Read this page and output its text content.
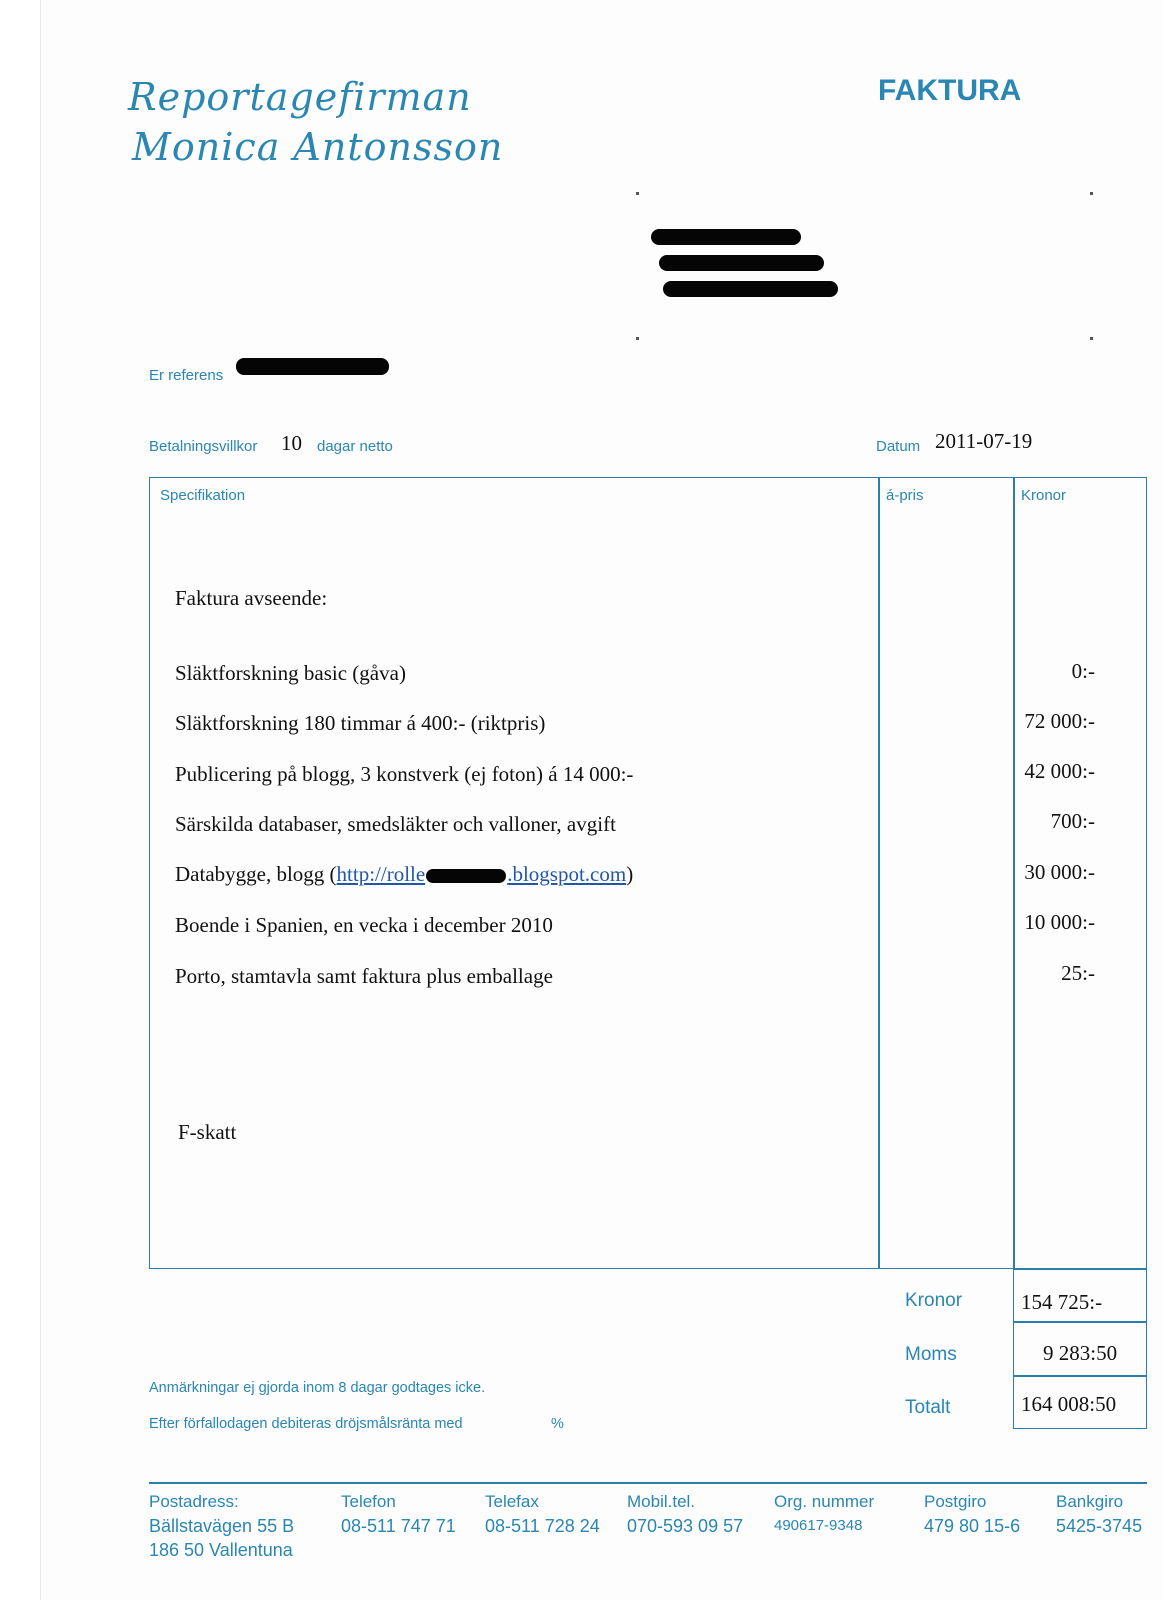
Reportagefirman
Monica Antonsson
FAKTURA
Er referens
Betalningsvillkor 10 dagar netto	Datum 2011-07-19
Specifikation	á-pris	Kronor
Faktura avseende:
Släktforskning basic (gåva)	0:-
Släktforskning 180 timmar á 400:- (riktpris)	72 000:-
Publicering på blogg, 3 konstverk (ej foton) á 14 000:-	42 000:-
Särskilda databaser, smedsläkter och valloner, avgift	700:-
Databygge, blogg (http://rolle	.blogspot.com)	30 000:-
Boende i Spanien, en vecka i december 2010	10 000:-
Porto, stamtavla samt faktura plus emballage	25:-
F-skatt
Kronor	154 725:-
Moms	9 283:50
Totalt	164 008:50
Anmärkningar ej gjorda inom 8 dagar godtages icke.
Efter förfallodagen debiteras dröjsmålsränta med	%
Postadress:
Bällstavägen 55 B
186 50 Vallentuna
Telefon
08-511 747 71
Telefax
08-511 728 24
Mobil.tel.
070-593 09 57
Org. nummer
490617-9348
Postgiro
479 80 15-6
Bankgiro
5425-3745
